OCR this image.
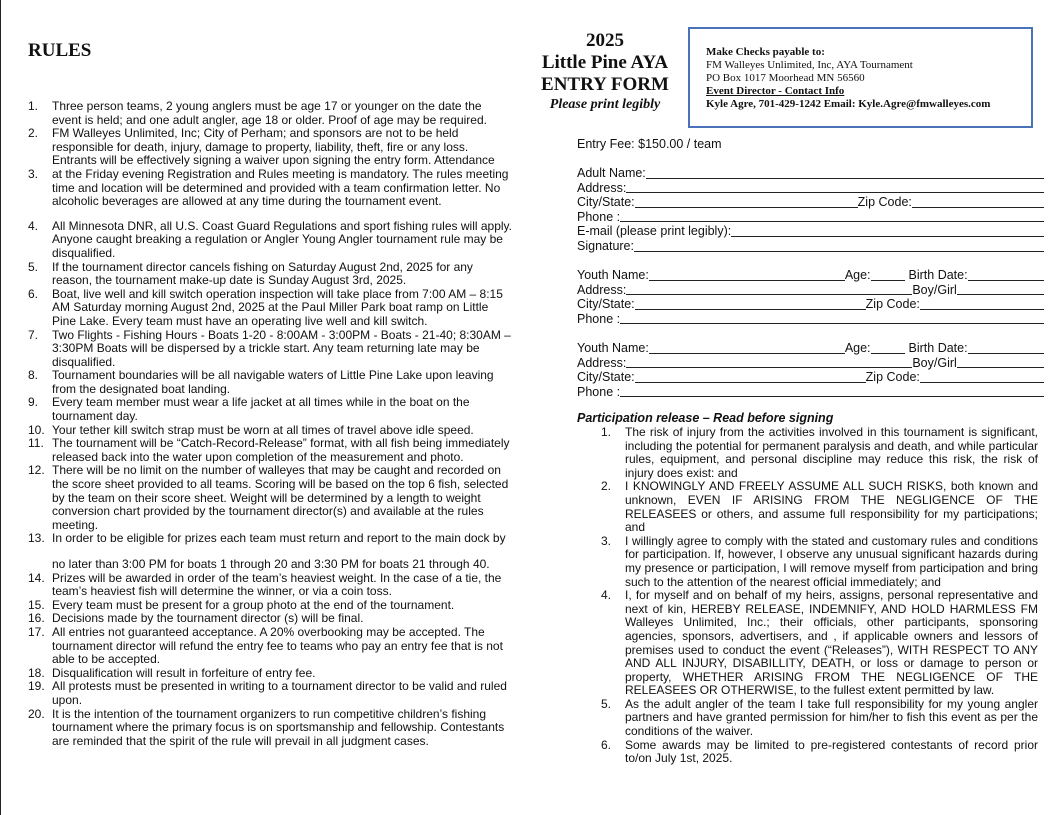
RULES
1. Three person teams, 2 young anglers must be age 17 or younger on the date the event is held; and one adult angler, age 18 or older. Proof of age may be required.
2. FM Walleyes Unlimited, Inc; City of Perham; and sponsors are not to be held responsible for death, injury, damage to property, liability, theft, fire or any loss. Entrants will be effectively signing a waiver upon signing the entry form. Attendance
3. at the Friday evening Registration and Rules meeting is mandatory. The rules meeting time and location will be determined and provided with a team confirmation letter. No alcoholic beverages are allowed at any time during the tournament event.
4. All Minnesota DNR, all U.S. Coast Guard Regulations and sport fishing rules will apply. Anyone caught breaking a regulation or Angler Young Angler tournament rule may be disqualified.
5. If the tournament director cancels fishing on Saturday August 2nd, 2025 for any reason, the tournament make-up date is Sunday August 3rd, 2025.
6. Boat, live well and kill switch operation inspection will take place from 7:00 AM – 8:15 AM Saturday morning August 2nd, 2025 at the Paul Miller Park boat ramp on Little Pine Lake. Every team must have an operating live well and kill switch.
7. Two Flights - Fishing Hours - Boats 1-20 - 8:00AM - 3:00PM - Boats - 21-40; 8:30AM – 3:30PM Boats will be dispersed by a trickle start. Any team returning late may be disqualified.
8. Tournament boundaries will be all navigable waters of Little Pine Lake upon leaving from the designated boat landing.
9. Every team member must wear a life jacket at all times while in the boat on the tournament day.
10. Your tether kill switch strap must be worn at all times of travel above idle speed.
11. The tournament will be “Catch-Record-Release” format, with all fish being immediately released back into the water upon completion of the measurement and photo.
12. There will be no limit on the number of walleyes that may be caught and recorded on the score sheet provided to all teams. Scoring will be based on the top 6 fish, selected by the team on their score sheet. Weight will be determined by a length to weight conversion chart provided by the tournament director(s) and available at the rules meeting.
13. In order to be eligible for prizes each team must return and report to the main dock by
no later than 3:00 PM for boats 1 through 20 and 3:30 PM for boats 21 through 40.
14. Prizes will be awarded in order of the team’s heaviest weight. In the case of a tie, the team’s heaviest fish will determine the winner, or via a coin toss.
15. Every team must be present for a group photo at the end of the tournament.
16. Decisions made by the tournament director (s) will be final.
17. All entries not guaranteed acceptance. A 20% overbooking may be accepted. The tournament director will refund the entry fee to teams who pay an entry fee that is not able to be accepted.
18. Disqualification will result in forfeiture of entry fee.
19. All protests must be presented in writing to a tournament director to be valid and ruled upon.
20. It is the intention of the tournament organizers to run competitive children’s fishing tournament where the primary focus is on sportsmanship and fellowship. Contestants are reminded that the spirit of the rule will prevail in all judgment cases.
2025
Little Pine AYA
ENTRY FORM
Please print legibly
Make Checks payable to:
FM Walleyes Unlimited, Inc, AYA Tournament
PO Box 1017 Moorhead MN 56560
Event Director - Contact Info
Kyle Agre, 701-429-1242 Email: Kyle.Agre@fmwalleyes.com
Entry Fee: $150.00 / team
Adult Name:
Address:
City/State:	Zip Code:
Phone :
E-mail (please print legibly):
Signature:
Youth Name:	Age:	Birth Date:
Address:	Boy/Girl
City/State:	Zip Code:
Phone :
Youth Name:	Age:	Birth Date:
Address:	Boy/Girl
City/State:	Zip Code:
Phone :
Participation release – Read before signing
1. The risk of injury from the activities involved in this tournament is significant, including the potential for permanent paralysis and death, and while particular rules, equipment, and personal discipline may reduce this risk, the risk of injury does exist: and
2. I KNOWINGLY AND FREELY ASSUME ALL SUCH RISKS, both known and unknown, EVEN IF ARISING FROM THE NEGLIGENCE OF THE RELEASEES or others, and assume full responsibility for my participations; and
3. I willingly agree to comply with the stated and customary rules and conditions for participation. If, however, I observe any unusual significant hazards during my presence or participation, I will remove myself from participation and bring such to the attention of the nearest official immediately; and
4. I, for myself and on behalf of my heirs, assigns, personal representative and next of kin, HEREBY RELEASE, INDEMNIFY, AND HOLD HARMLESS FM Walleyes Unlimited, Inc.; their officials, other participants, sponsoring agencies, sponsors, advertisers, and , if applicable owners and lessors of premises used to conduct the event (“Releases”), WITH RESPECT TO ANY AND ALL INJURY, DISABILLITY, DEATH, or loss or damage to person or property, WHETHER ARISING FROM THE NEGLIGENCE OF THE RELEASEES OR OTHERWISE, to the fullest extent permitted by law.
5. As the adult angler of the team I take full responsibility for my young angler partners and have granted permission for him/her to fish this event as per the conditions of the waiver.
6. Some awards may be limited to pre-registered contestants of record prior to/on July 1st, 2025.
